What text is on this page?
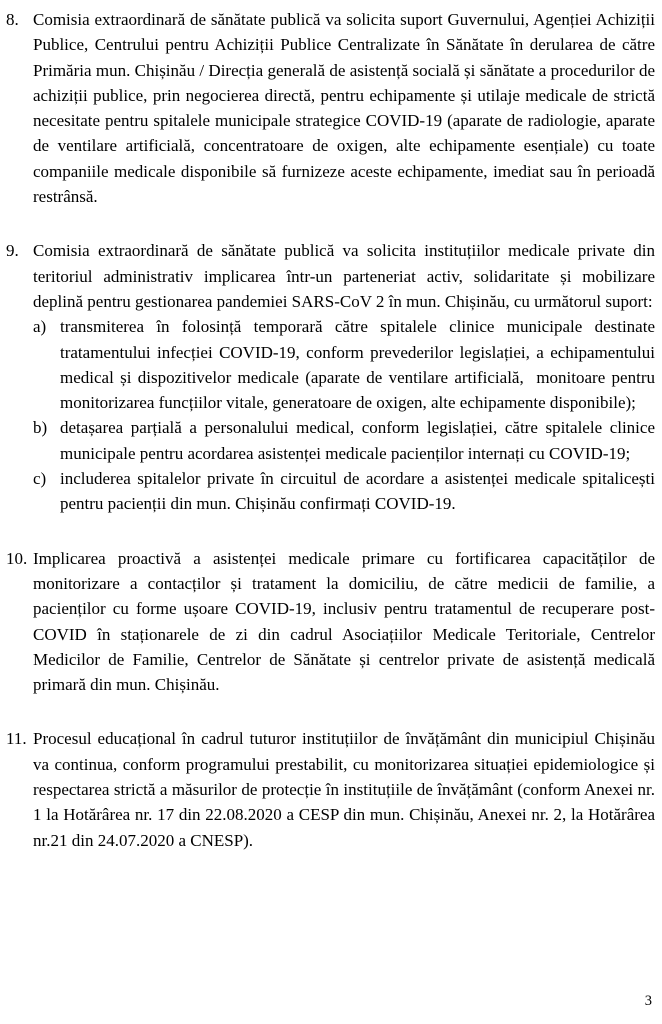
8. Comisia extraordinară de sănătate publică va solicita suport Guvernului, Agenției Achiziții Publice, Centrului pentru Achiziții Publice Centralizate în Sănătate în derularea de către Primăria mun. Chișinău / Direcția generală de asistență socială și sănătate a procedurilor de achiziții publice, prin negocierea directă, pentru echipamente și utilaje medicale de strictă necesitate pentru spitalele municipale strategice COVID-19 (aparate de radiologie, aparate de ventilare artificială, concentratoare de oxigen, alte echipamente esențiale) cu toate companiile medicale disponibile să furnizeze aceste echipamente, imediat sau în perioadă restrânsă.
9. Comisia extraordinară de sănătate publică va solicita instituțiilor medicale private din teritoriul administrativ implicarea într-un parteneriat activ, solidaritate și mobilizare deplină pentru gestionarea pandemiei SARS-CoV 2 în mun. Chișinău, cu următorul suport:
a) transmiterea în folosință temporară către spitalele clinice municipale destinate tratamentului infecției COVID-19, conform prevederilor legislației, a echipamentului medical și dispozitivelor medicale (aparate de ventilare artificială,  monitoare pentru monitorizarea funcțiilor vitale, generatoare de oxigen, alte echipamente disponibile);
b) detașarea parțială a personalului medical, conform legislației, către spitalele clinice municipale pentru acordarea asistenței medicale pacienților internați cu COVID-19;
c) includerea spitalelor private în circuitul de acordare a asistenței medicale spitalicești pentru pacienții din mun. Chișinău confirmați COVID-19.
10. Implicarea proactivă a asistenței medicale primare cu fortificarea capacităților de monitorizare a contacților și tratament la domiciliu, de către medicii de familie, a pacienților cu forme ușoare COVID-19, inclusiv pentru tratamentul de recuperare post-COVID în staționarele de zi din cadrul Asociațiilor Medicale Teritoriale, Centrelor Medicilor de Familie, Centrelor de Sănătate și centrelor private de asistență medicală primară din mun. Chișinău.
11. Procesul educațional în cadrul tuturor instituțiilor de învățământ din municipiul Chișinău va continua, conform programului prestabilit, cu monitorizarea situației epidemiologice și respectarea strictă a măsurilor de protecție în instituțiile de învățământ (conform Anexei nr. 1 la Hotărârea nr. 17 din 22.08.2020 a CESP din mun. Chișinău, Anexei nr. 2, la Hotărârea nr.21 din 24.07.2020 a CNESP).
3
